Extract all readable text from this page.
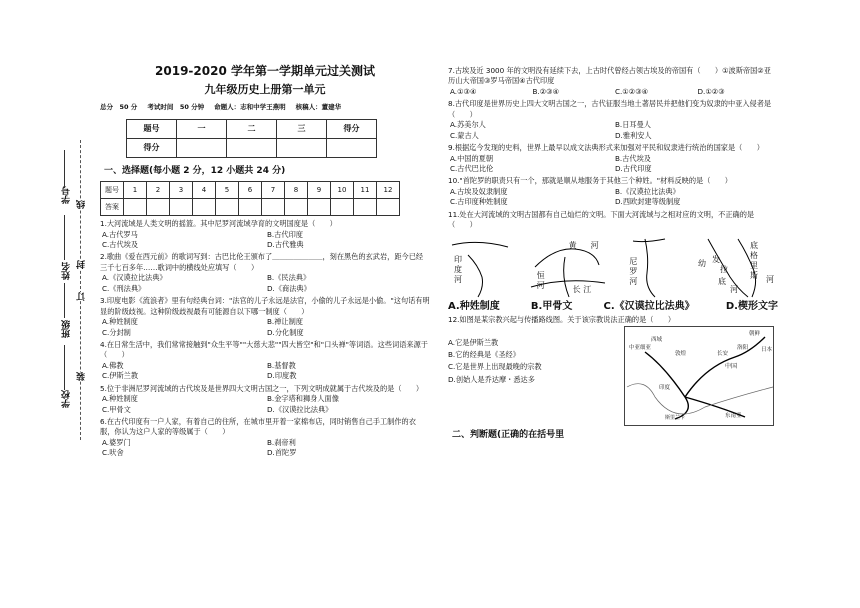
学号
姓名
班级
学校
线
封
订
装
2019-2020 学年第一学期单元过关测试
九年级历史上册第一单元
总分　50 分 考试时间　50 分钟 命题人：志和中学王燕明 核稿人：董建华
题号	一	二	三	得分
得分				
一、选择题(每小题 2 分，12 小题共 24 分)
题号	1	2	3	4	5	6	7	8	9	10	11	12
答案												
1.大河流域是人类文明的摇篮。其中尼罗河流域孕育的文明国度是（　　）
A.古代罗马	B.古代印度
C.古代埃及	D.古代雅典
2.歌曲《爱在西元前》的歌词写到：古巴比伦王颁布了＿＿＿＿＿＿＿，刻在黑色的玄武岩，距今已经三千七百多年……歌词中的横线处应填写（　　）
A.《汉谟拉比法典》	B.《民法典》
C.《刑法典》	D.《商法典》
3.印度电影《流浪者》里有句经典台词："法官的儿子永远是法官，小偷的儿子永远是小偷。"这句话有明显的阶级歧视。这种阶级歧视最有可能源自以下哪一制度（　　）
A.种姓制度	B.禅让制度
C.分封制	D.分化制度
4.在日常生活中，我们常常接触到"众生平等""大慈大悲""四大皆空"和"口头禅"等词语。这些词语来源于（　　）
A.佛教	B.基督教
C.伊斯兰教	D.印度教
5.位于非洲尼罗河流域的古代埃及是世界四大文明古国之一，下列文明成就属于古代埃及的是（　　）
A.种姓制度	B.金字塔和狮身人面像
C.甲骨文	D.《汉谟拉比法典》
6.在古代印度有一户人家，有着自己的住所，在城市里开着一家棉布店，同时销售自己手工制作的衣服，你认为这户人家的等级属于（　　）
A.婆罗门	B.刹帝利
C.吠舍	D.首陀罗
7.古埃及近 3000 年的文明没有延续下去，上古时代曾经占领古埃及的帝国有（　　）①波斯帝国②亚历山大帝国③罗马帝国④古代印度
A.①③④	B.②③④	C.①②③④	D.①②③
8.古代印度是世界历史上四大文明古国之一，古代征服当地土著居民并把他们变为奴隶的中亚入侵者是（　　）
A.苏美尔人	B.日耳曼人
C.蒙古人	D.雅利安人
9.根据迄今发现的史料，世界上最早以成文法典形式来加强对平民和奴隶进行统治的国家是（　　）
A.中国的夏朝	B.古代埃及
C.古代巴比伦	D.古代印度
10."首陀罗的职责只有一个，那就是顺从地服务于其他三个种姓。"材料反映的是（　　）
A.古埃及奴隶制度	B.《汉谟拉比法典》
C.古印度种姓制度	D.西欧封建等级制度
11.处在大河流域的文明古国都有自己灿烂的文明。下面大河流域与之相对应的文明，不正确的是（　　）
印
度
河
黄 河
恒
河	长 江
尼
罗
河
幼 发
拉
底
河
底
格
里
斯 河
A.种姓制度	B.甲骨文	C.《汉谟拉比法典》	D.楔形文字
12.如图是某宗教兴起与传播路线图。关于该宗教说法正确的是（　　）
A.它是伊斯兰教
B.它的经典是《圣经》
C.它是世界上出现最晚的宗教
D.创始人是乔达摩・悉达多
中亚细亚
西域
敦煌	长安
洛阳
中国
印度
斯里兰卡	东南亚
朝鲜
日本
二、判断题(正确的在括号里
